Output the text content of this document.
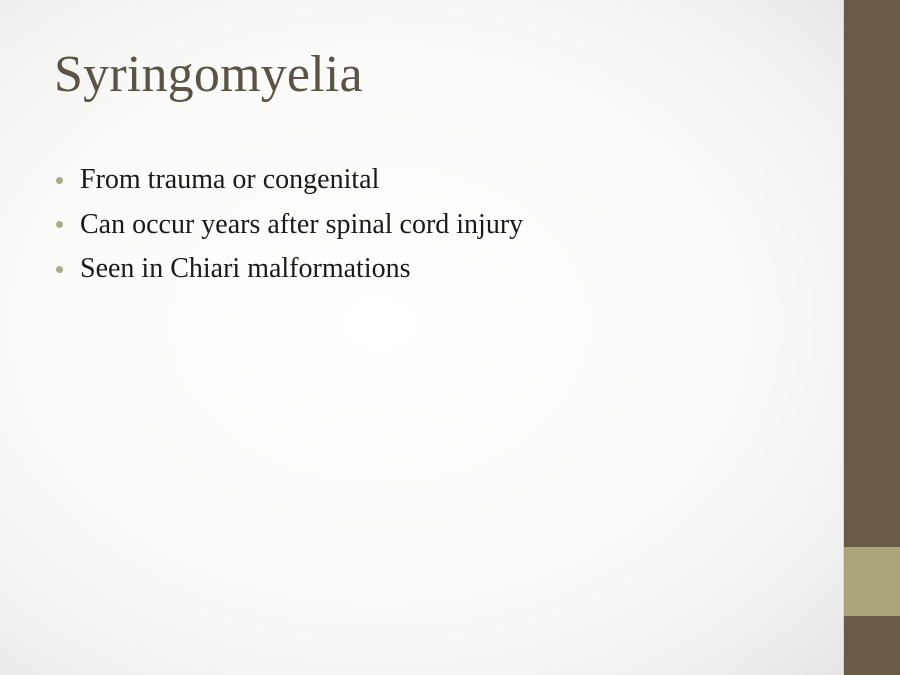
Syringomyelia
From trauma or congenital
Can occur years after spinal cord injury
Seen in Chiari malformations
